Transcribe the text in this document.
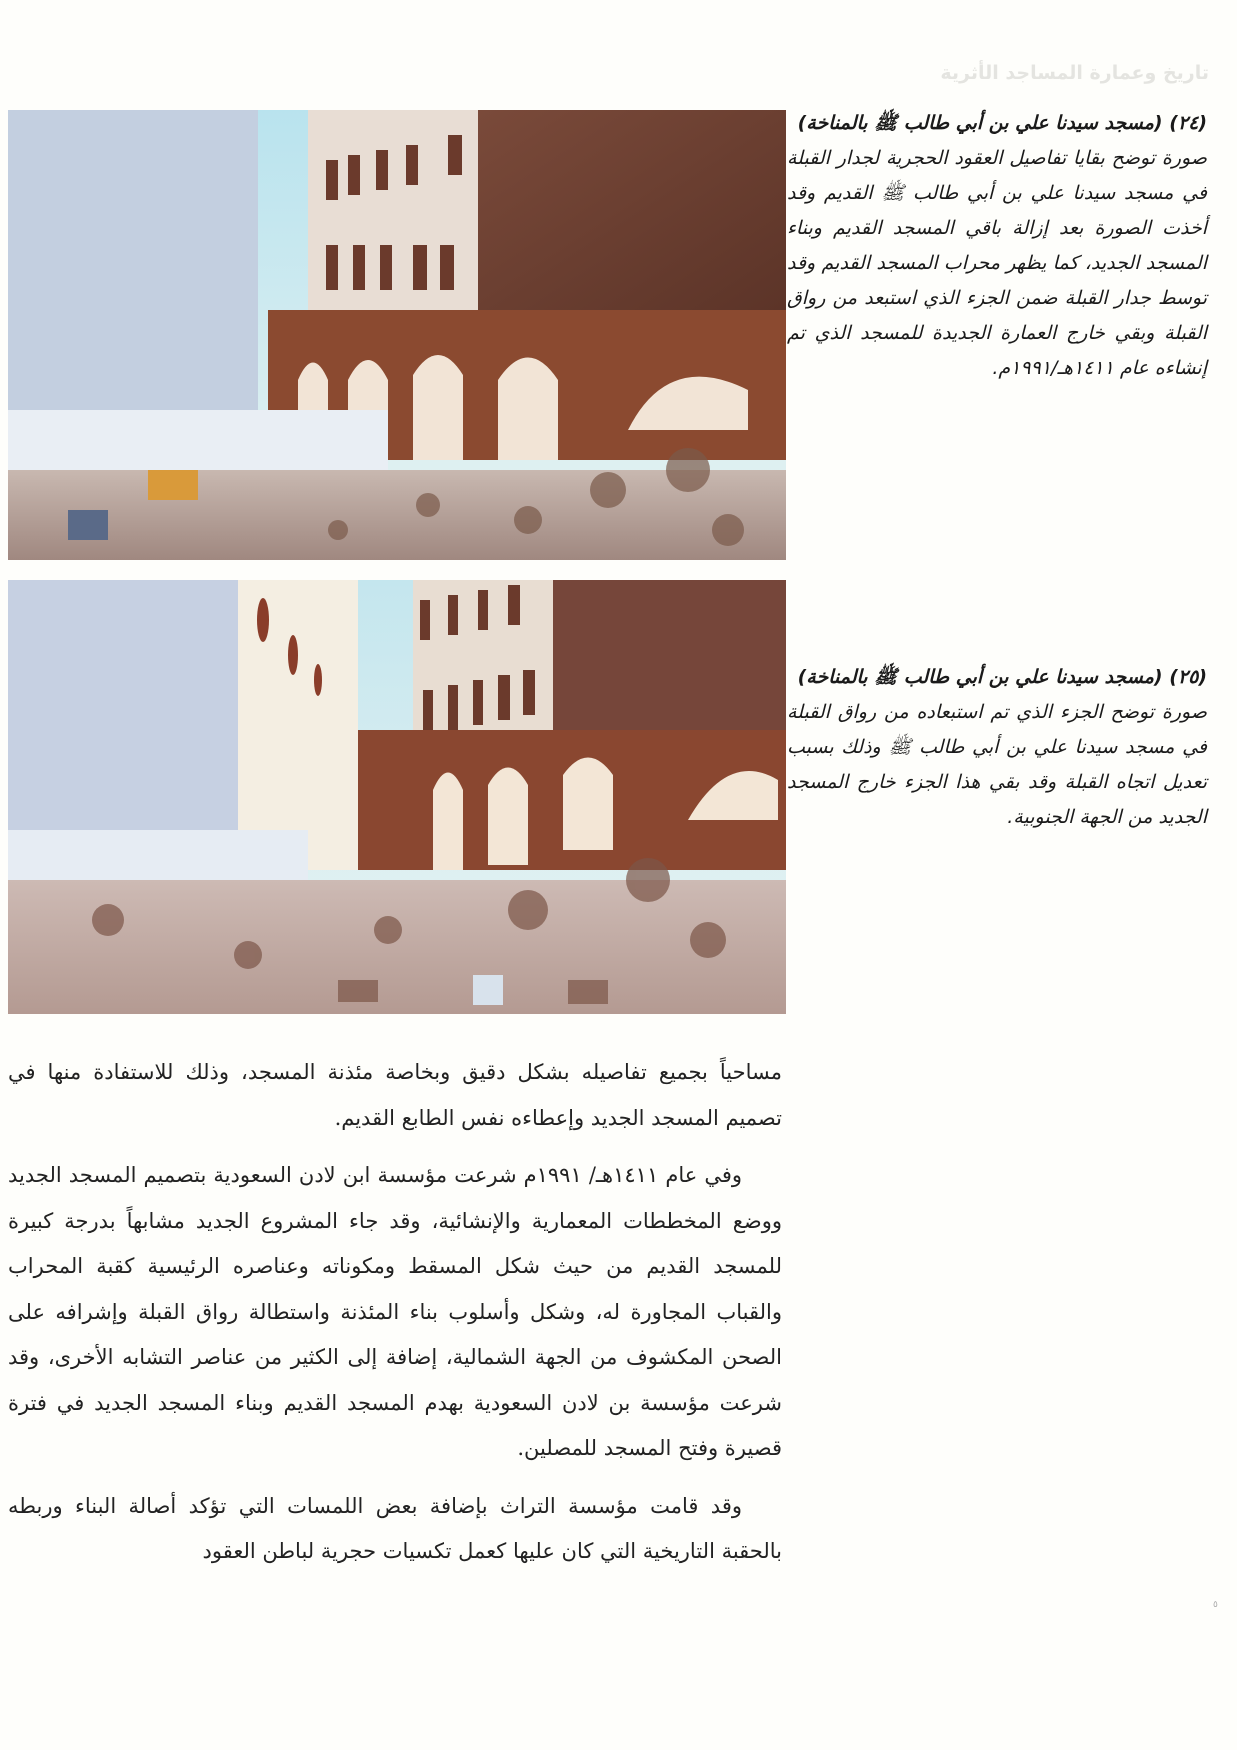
تاريخ وعمارة المساجد الأثرية

(٢٤) (مسجد سيدنا علي بن أبي طالب ﷺ بالمناخة)

صورة توضح بقايا تفاصيل العقود الحجرية لجدار القبلة في مسجد سيدنا علي بن أبي طالب ﷺ القديم وقد أخذت الصورة بعد إزالة باقي المسجد القديم وبناء المسجد الجديد، كما يظهر محراب المسجد القديم وقد توسط جدار القبلة ضمن الجزء الذي استبعد من رواق القبلة وبقي خارج العمارة الجديدة للمسجد الذي تم إنشاءه عام ١٤١١هـ/١٩٩١م.

(٢٥) (مسجد سيدنا علي بن أبي طالب ﷺ بالمناخة)

صورة توضح الجزء الذي تم استبعاده من رواق القبلة في مسجد سيدنا علي بن أبي طالب ﷺ وذلك بسبب تعديل اتجاه القبلة وقد بقي هذا الجزء خارج المسجد الجديد من الجهة الجنوبية.

مساحياً بجميع تفاصيله بشكل دقيق وبخاصة مئذنة المسجد، وذلك للاستفادة منها في تصميم المسجد الجديد وإعطاءه نفس الطابع القديم.

وفي عام ١٤١١هـ/ ١٩٩١م شرعت مؤسسة ابن لادن السعودية بتصميم المسجد الجديد ووضع المخططات المعمارية والإنشائية، وقد جاء المشروع الجديد مشابهاً بدرجة كبيرة للمسجد القديم من حيث شكل المسقط ومكوناته وعناصره الرئيسية كقبة المحراب والقباب المجاورة له، وشكل وأسلوب بناء المئذنة واستطالة رواق القبلة وإشرافه على الصحن المكشوف من الجهة الشمالية، إضافة إلى الكثير من عناصر التشابه الأخرى، وقد شرعت مؤسسة بن لادن السعودية بهدم المسجد القديم وبناء المسجد الجديد في فترة قصيرة وفتح المسجد للمصلين.

وقد قامت مؤسسة التراث بإضافة بعض اللمسات التي تؤكد أصالة البناء وربطه بالحقبة التاريخية التي كان عليها كعمل تكسيات حجرية لباطن العقود

٥
